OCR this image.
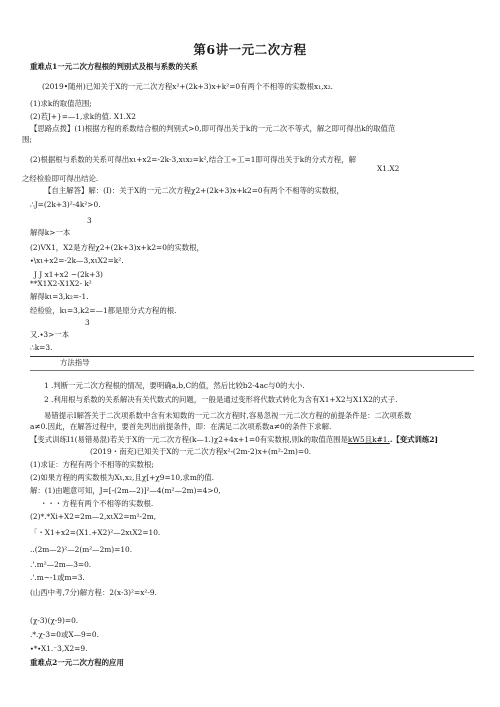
第6讲一元二次方程
重难点1一元二次方程根的判别式及根与系数的关系
(2019•随州)已知关于X的一元二次方程x²+(2k+3)x+k²=0有两个不相等的实数根x₁,x₂.
(1)求k的取值范围;
(2)若J+}=—1,求k的值. X1.X2
【思路点拨】(1)根据方程的系数结合根的判别式>0,即可得出关于k的一元二次不等式，解之即可得出k的取值范
围;
(2)根据根与系数的关系可得出xι+x2=-2k-3,xιx₂=k²,结合工÷工=1即可得出关于k的分式方程，解
X1.X2
之经检验即可得出结论.
【自主解答】解：(I)：关于X的一元二次方程χ2+(2k+3)x+k2=0有两个不相等的实数根，
∴J=(2k+3)²-4k²>0.
3
解得k>一本
(2)VX1，X2是方程χ2+(2k+3)x+k2=0的实数根，
∙\xι+x2=-2k—3,xιX2=k².
J J x1+x2 ~(2k+3)
**X1X2-X1X2- k²
解得kι=3,k₂=-1.
经检验，kι=3,k2=—1都是原分式方程的根.
3
又.∙3>一本
∴k=3.
方法指导
1 .判断一元二次方程根的情况，要明确a,b,C的值，然后比较b2-4ac与0的大小.
2 .利用根与系数的关系解决有关代数式的问题，一般是通过变形将代数式转化为含有X1+X2与X1X2的式子.
易错提示I解答关于二次项系数中含有未知数的一元二次方程时,容易忽视一元二次方程的前提条件是：二次项系数
a≠0.因此，在解答过程中，要首先列出前提条件，即：在满足二次项系数a≠0的条件下求解.
【变式训练I1(易错易混)若关于X的一元二次方程(k—1.)χ2+4x+1=0有实数根,则k的取值范围是kW5且k#1..【变式训练2]
(2019・南充)已知关于X的一元二次方程x²-(2m-2)x+(m²-2m)=0.
(1)求证：方程有两个不相等的实数根;
(2)如果方程的两实数根为Xι,x₂,且χ[+χ9=10,求m的值.
解：(1)由题意可知，J=[-(2m—2)]²—4(m²—2m)=4>0,
・・・方程有两个不相等的实数根.
(2)*.*Xi+X2=2m—2,xιX2=m²-2m,
「・X1+x2=(X1.+X2)²—2xιX2=10.
..(2m—2)²—2(m²—2m)=10.
.'.m²—2m—3=0.
.'.m~-1或m=3.
(山西中考,7分)解方程：2(x-3)²=x²-9.
(χ-3)(χ-9)=0.
.*.χ-3=0或X—9=0.
∙*∙X1.⁻3,X2=9.
重难点2一元二次方程的应用
